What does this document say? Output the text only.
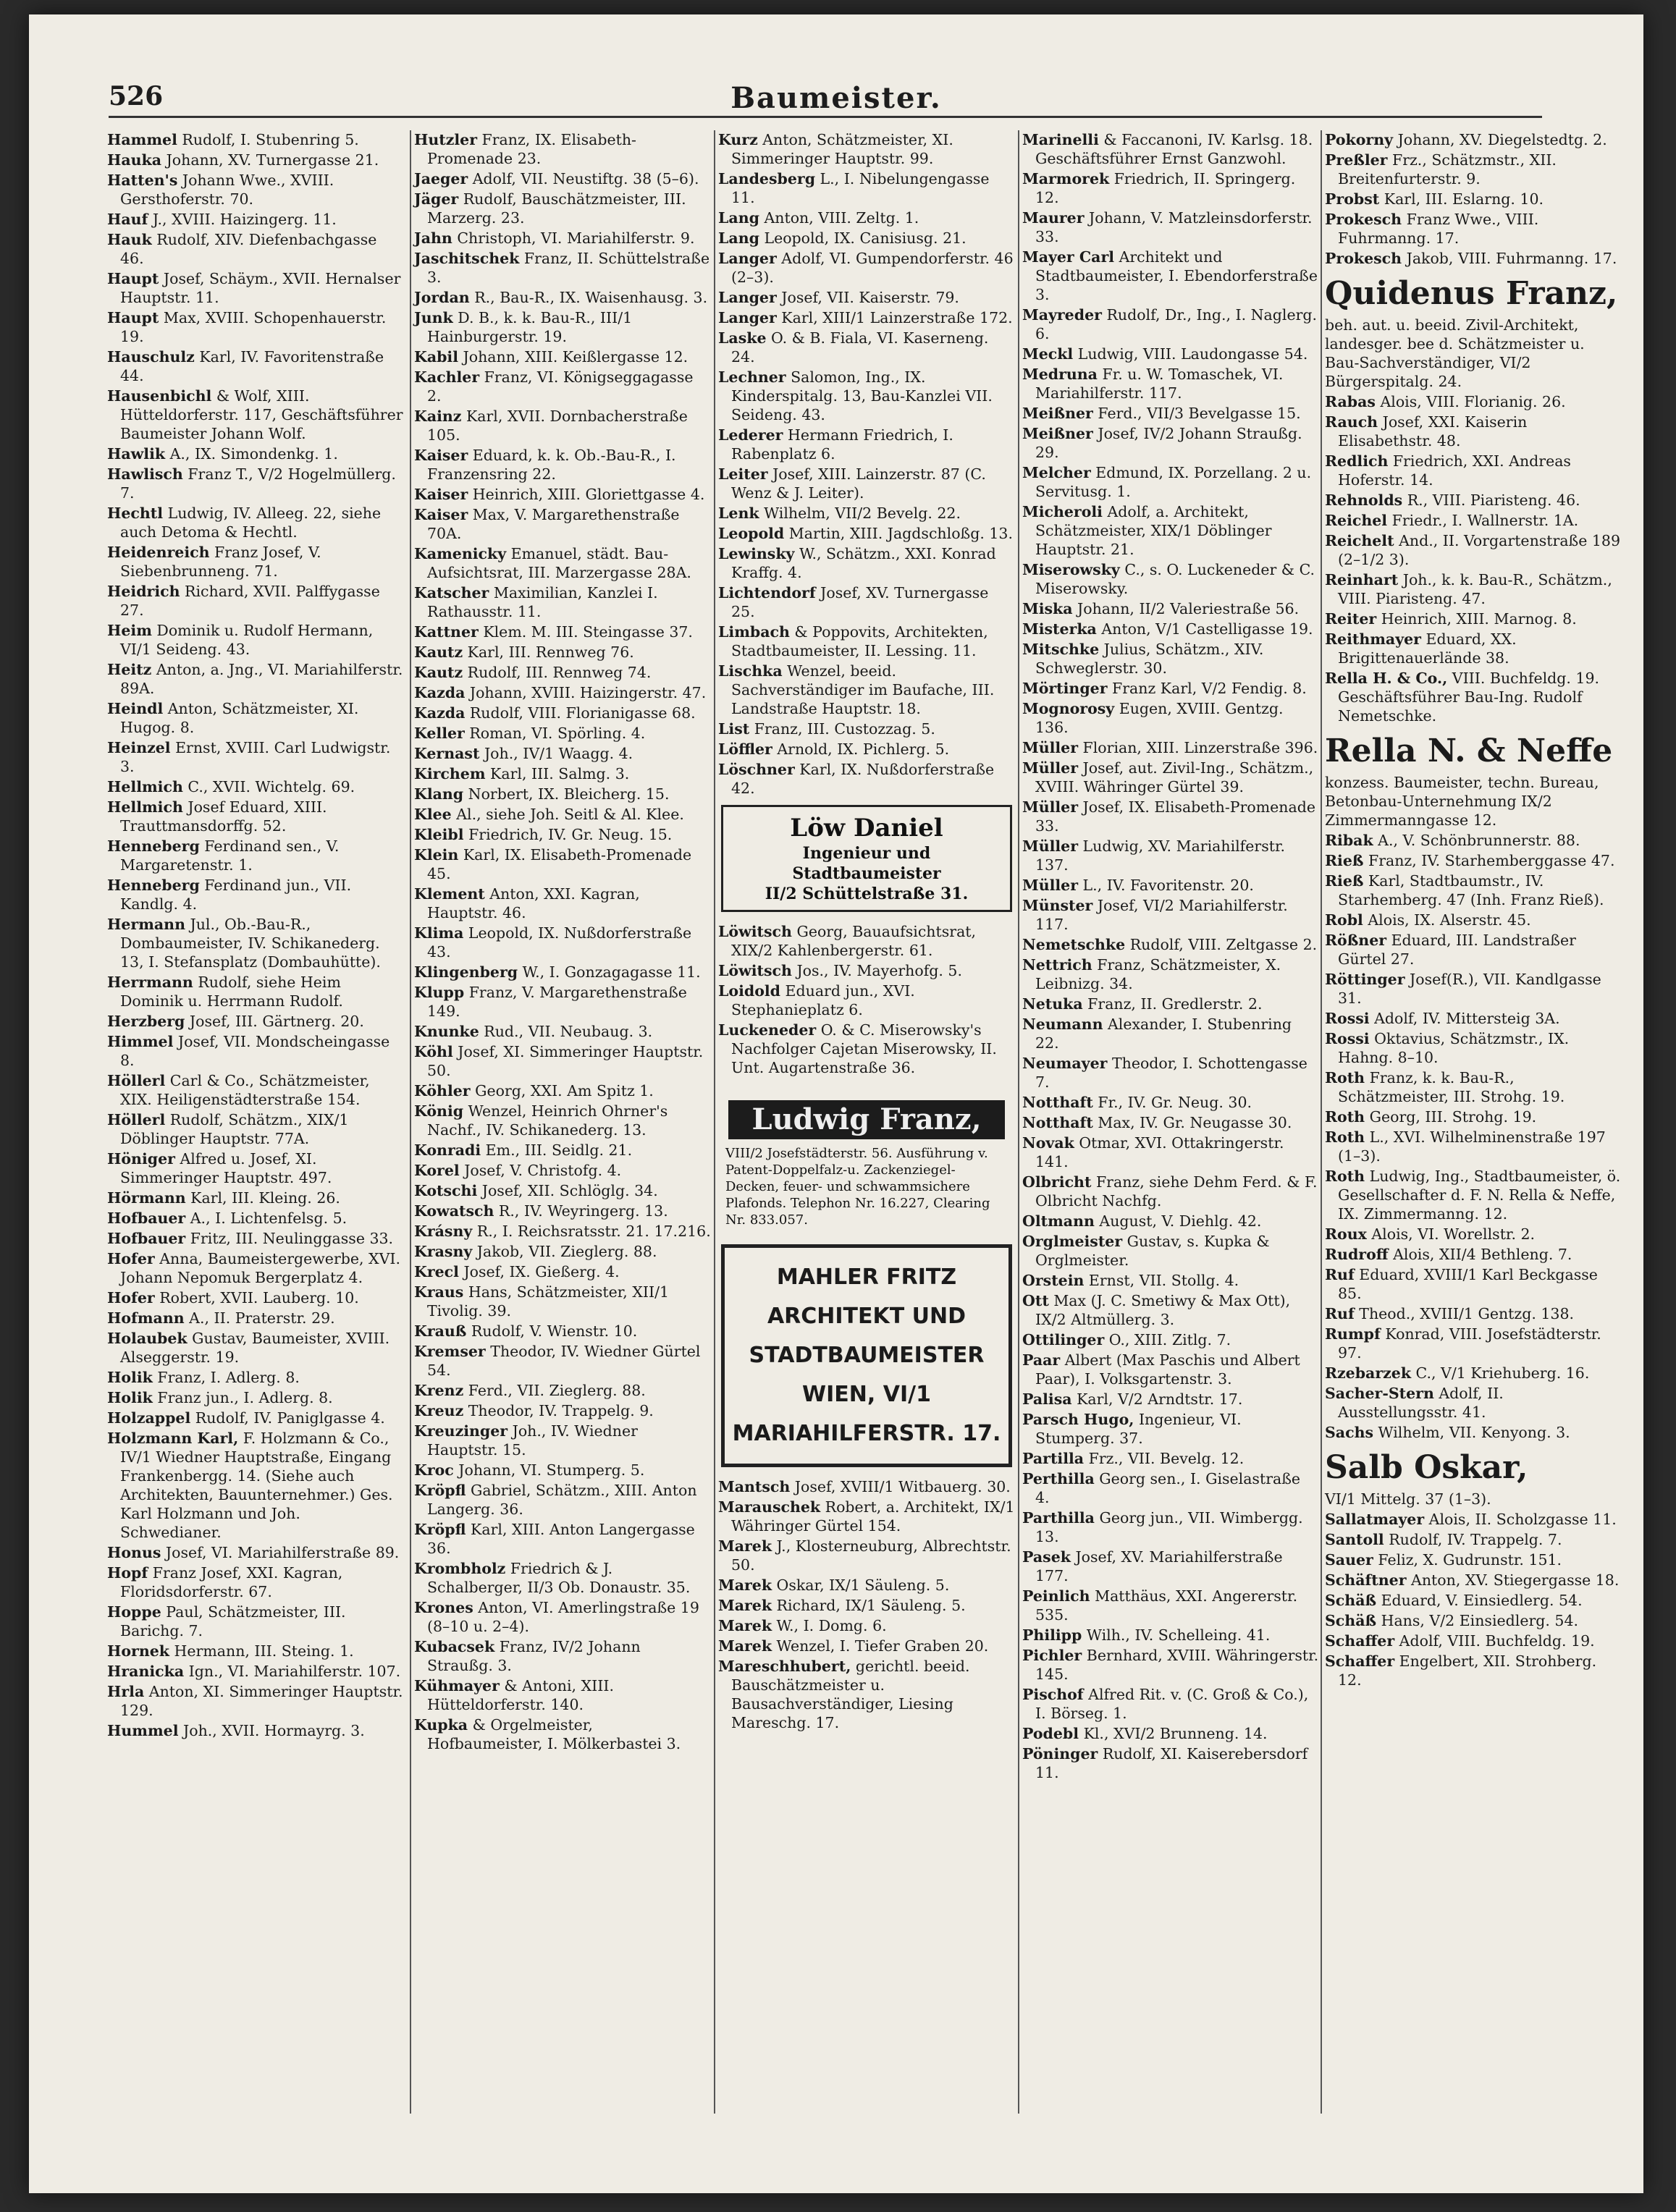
526	Baumeister.
Hammel Rudolf, I. Stubenring 5.
Hauka Johann, XV. Turnergasse 21.
Hatten's Johann Wwe., XVIII. Gersthoferstr. 70.
Hauf J., XVIII. Haizingerg. 11.
Hauk Rudolf, XIV. Diefenbachgasse 46.
Haupt Josef, Schäym., XVII. Hernalser Hauptstr. 11.
Haupt Max, XVIII. Schopenhauerstr. 19.
Hauschulz Karl, IV. Favoritenstraße 44.
Hausenbichl & Wolf, XIII. Hütteldorferstr. 117, Geschäftsführer Baumeister Johann Wolf.
Hawlik A., IX. Simondenkg. 1.
Hawlisch Franz T., V/2 Hogelmüllerg. 7.
Hechtl Ludwig, IV. Alleeg. 22, siehe auch Detoma & Hechtl.
Heidenreich Franz Josef, V. Siebenbrunneng. 71.
Heidrich Richard, XVII. Palffygasse 27.
Heim Dominik u. Rudolf Hermann, VI/1 Seideng. 43.
Heitz Anton, a. Jng., VI. Mariahilferstr. 89A.
Heindl Anton, Schätzmeister, XI. Hugog. 8.
Heinzel Ernst, XVIII. Carl Ludwigstr. 3.
Hellmich C., XVII. Wichtelg. 69.
Hellmich Josef Eduard, XIII. Trauttmansdorffg. 52.
Henneberg Ferdinand sen., V. Margaretenstr. 1.
Henneberg Ferdinand jun., VII. Kandlg. 4.
Hermann Jul., Ob.-Bau-R., Dombaumeister, IV. Schikanederg. 13, I. Stefansplatz (Dombauhütte).
Herrmann Rudolf, siehe Heim Dominik u. Herrmann Rudolf.
Herzberg Josef, III. Gärtnerg. 20.
Himmel Josef, VII. Mondscheingasse 8.
Höllerl Carl & Co., Schätzmeister, XIX. Heiligenstädterstraße 154.
Höllerl Rudolf, Schätzm., XIX/1 Döblinger Hauptstr. 77A.
Höniger Alfred u. Josef, XI. Simmeringer Hauptstr. 497.
Hörmann Karl, III. Kleing. 26.
Hofbauer A., I. Lichtenfelsg. 5.
Hofbauer Fritz, III. Neulinggasse 33.
Hofer Anna, Baumeistergewerbe, XVI. Johann Nepomuk Bergerplatz 4.
Hofer Robert, XVII. Lauberg. 10.
Hofmann A., II. Praterstr. 29.
Holaubek Gustav, Baumeister, XVIII. Alseggerstr. 19.
Holik Franz, I. Adlerg. 8.
Holik Franz jun., I. Adlerg. 8.
Holzappel Rudolf, IV. Paniglgasse 4.
Holzmann Karl, F. Holzmann & Co., IV/1 Wiedner Hauptstraße, Eingang Frankenbergg. 14. (Siehe auch Architekten, Bauunternehmer.) Ges. Karl Holzmann und Joh. Schwedianer.
Honus Josef, VI. Mariahilferstraße 89.
Hopf Franz Josef, XXI. Kagran, Floridsdorferstr. 67.
Hoppe Paul, Schätzmeister, III. Barichg. 7.
Hornek Hermann, III. Steing. 1.
Hranicka Ign., VI. Mariahilferstr. 107.
Hrla Anton, XI. Simmeringer Hauptstr. 129.
Hummel Joh., XVII. Hormayrg. 3.
Hutzler Franz, IX. Elisabeth-Promenade 23.
Jaeger Adolf, VII. Neustiftg. 38 (5–6).
Jäger Rudolf, Bauschätzmeister, III. Marzerg. 23.
Jahn Christoph, VI. Mariahilferstr. 9.
Jaschitschek Franz, II. Schüttelstraße 3.
Jordan R., Bau-R., IX. Waisenhausg. 3.
Junk D. B., k. k. Bau-R., III/1 Hainburgerstr. 19.
Kabil Johann, XIII. Keißlergasse 12.
Kachler Franz, VI. Königseggagasse 2.
Kainz Karl, XVII. Dornbacherstraße 105.
Kaiser Eduard, k. k. Ob.-Bau-R., I. Franzensring 22.
Kaiser Heinrich, XIII. Gloriettgasse 4.
Kaiser Max, V. Margarethenstraße 70A.
Kamenicky Emanuel, städt. Bau-Aufsichtsrat, III. Marzergasse 28A.
Katscher Maximilian, Kanzlei I. Rathausstr. 11.
Kattner Klem. M. III. Steingasse 37.
Kautz Karl, III. Rennweg 76.
Kautz Rudolf, III. Rennweg 74.
Kazda Johann, XVIII. Haizingerstr. 47.
Kazda Rudolf, VIII. Florianigasse 68.
Keller Roman, VI. Spörling. 4.
Kernast Joh., IV/1 Waagg. 4.
Kirchem Karl, III. Salmg. 3.
Klang Norbert, IX. Bleicherg. 15.
Klee Al., siehe Joh. Seitl & Al. Klee.
Kleibl Friedrich, IV. Gr. Neug. 15.
Klein Karl, IX. Elisabeth-Promenade 45.
Klement Anton, XXI. Kagran, Hauptstr. 46.
Klima Leopold, IX. Nußdorferstraße 43.
Klingenberg W., I. Gonzagagasse 11.
Klupp Franz, V. Margarethenstraße 149.
Knunke Rud., VII. Neubaug. 3.
Köhl Josef, XI. Simmeringer Hauptstr. 50.
Köhler Georg, XXI. Am Spitz 1.
König Wenzel, Heinrich Ohrner's Nachf., IV. Schikanederg. 13.
Konradi Em., III. Seidlg. 21.
Korel Josef, V. Christofg. 4.
Kotschi Josef, XII. Schlöglg. 34.
Kowatsch R., IV. Weyringerg. 13.
Krásny R., I. Reichsratsstr. 21. 17.216.
Krasny Jakob, VII. Zieglerg. 88.
Krecl Josef, IX. Gießerg. 4.
Kraus Hans, Schätzmeister, XII/1 Tivolig. 39.
Krauß Rudolf, V. Wienstr. 10.
Kremser Theodor, IV. Wiedner Gürtel 54.
Krenz Ferd., VII. Zieglerg. 88.
Kreuz Theodor, IV. Trappelg. 9.
Kreuzinger Joh., IV. Wiedner Hauptstr. 15.
Kroc Johann, VI. Stumperg. 5.
Kröpfl Gabriel, Schätzm., XIII. Anton Langerg. 36.
Kröpfl Karl, XIII. Anton Langergasse 36.
Krombholz Friedrich & J. Schalberger, II/3 Ob. Donaustr. 35.
Krones Anton, VI. Amerlingstraße 19 (8–10 u. 2–4).
Kubacsek Franz, IV/2 Johann Straußg. 3.
Kühmayer & Antoni, XIII. Hütteldorferstr. 140.
Kupka & Orgelmeister, Hofbaumeister, I. Mölkerbastei 3.
Kurz Anton, Schätzmeister, XI. Simmeringer Hauptstr. 99.
Landesberg L., I. Nibelungengasse 11.
Lang Anton, VIII. Zeltg. 1.
Lang Leopold, IX. Canisiusg. 21.
Langer Adolf, VI. Gumpendorferstr. 46 (2–3).
Langer Josef, VII. Kaiserstr. 79.
Langer Karl, XIII/1 Lainzerstraße 172.
Laske O. & B. Fiala, VI. Kaserneng. 24.
Lechner Salomon, Ing., IX. Kinderspitalg. 13, Bau-Kanzlei VII. Seideng. 43.
Lederer Hermann Friedrich, I. Rabenplatz 6.
Leiter Josef, XIII. Lainzerstr. 87 (C. Wenz & J. Leiter).
Lenk Wilhelm, VII/2 Bevelg. 22.
Leopold Martin, XIII. Jagdschloßg. 13.
Lewinsky W., Schätzm., XXI. Konrad Kraffg. 4.
Lichtendorf Josef, XV. Turnergasse 25.
Limbach & Poppovits, Architekten, Stadtbaumeister, II. Lessing. 11.
Lischka Wenzel, beeid. Sachverständiger im Baufache, III. Landstraße Hauptstr. 18.
List Franz, III. Custozzag. 5.
Löffler Arnold, IX. Pichlerg. 5.
Löschner Karl, IX. Nußdorferstraße 42.
Löw Daniel
Ingenieur und Stadtbaumeister
II/2 Schüttelstraße 31.
Löwitsch Georg, Bauaufsichtsrat, XIX/2 Kahlenbergerstr. 61.
Löwitsch Jos., IV. Mayerhofg. 5.
Loidold Eduard jun., XVI. Stephanieplatz 6.
Luckeneder O. & C. Miserowsky's Nachfolger Cajetan Miserowsky, II. Unt. Augartenstraße 36.
Ludwig Franz,
VIII/2 Josefstädterstr. 56. Ausführung v. Patent-Doppelfalz-u. Zackenziegel-Decken, feuer- und schwammsichere Plafonds. Telephon Nr. 16.227, Clearing Nr. 833.057.
MAHLER FRITZ
ARCHITEKT UND
STADTBAUMEISTER
WIEN, VI/1
MARIAHILFERSTR. 17.
Mantsch Josef, XVIII/1 Witbauerg. 30.
Marauschek Robert, a. Architekt, IX/1 Währinger Gürtel 154.
Marek J., Klosterneuburg, Albrechtstr. 50.
Marek Oskar, IX/1 Säuleng. 5.
Marek Richard, IX/1 Säuleng. 5.
Marek W., I. Domg. 6.
Marek Wenzel, I. Tiefer Graben 20.
Mareschhubert, gerichtl. beeid. Bauschätzmeister u. Bausachverständiger, Liesing Mareschg. 17.
Marinelli & Faccanoni, IV. Karlsg. 18. Geschäftsführer Ernst Ganzwohl.
Marmorek Friedrich, II. Springerg. 12.
Maurer Johann, V. Matzleinsdorferstr. 33.
Mayer Carl Architekt und Stadtbaumeister, I. Ebendorferstraße 3.
Mayreder Rudolf, Dr., Ing., I. Naglerg. 6.
Meckl Ludwig, VIII. Laudongasse 54.
Medruna Fr. u. W. Tomaschek, VI. Mariahilferstr. 117.
Meißner Ferd., VII/3 Bevelgasse 15.
Meißner Josef, IV/2 Johann Straußg. 29.
Melcher Edmund, IX. Porzellang. 2 u. Servitusg. 1.
Micheroli Adolf, a. Architekt, Schätzmeister, XIX/1 Döblinger Hauptstr. 21.
Miserowsky C., s. O. Luckeneder & C. Miserowsky.
Miska Johann, II/2 Valeriestraße 56.
Misterka Anton, V/1 Castelligasse 19.
Mitschke Julius, Schätzm., XIV. Schweglerstr. 30.
Mörtinger Franz Karl, V/2 Fendig. 8.
Mognorosy Eugen, XVIII. Gentzg. 136.
Müller Florian, XIII. Linzerstraße 396.
Müller Josef, aut. Zivil-Ing., Schätzm., XVIII. Währinger Gürtel 39.
Müller Josef, IX. Elisabeth-Promenade 33.
Müller Ludwig, XV. Mariahilferstr. 137.
Müller L., IV. Favoritenstr. 20.
Münster Josef, VI/2 Mariahilferstr. 117.
Nemetschke Rudolf, VIII. Zeltgasse 2.
Nettrich Franz, Schätzmeister, X. Leibnizg. 34.
Netuka Franz, II. Gredlerstr. 2.
Neumann Alexander, I. Stubenring 22.
Neumayer Theodor, I. Schottengasse 7.
Notthaft Fr., IV. Gr. Neug. 30.
Notthaft Max, IV. Gr. Neugasse 30.
Novak Otmar, XVI. Ottakringerstr. 141.
Olbricht Franz, siehe Dehm Ferd. & F. Olbricht Nachfg.
Oltmann August, V. Diehlg. 42.
Orglmeister Gustav, s. Kupka & Orglmeister.
Orstein Ernst, VII. Stollg. 4.
Ott Max (J. C. Smetiwy & Max Ott), IX/2 Altmüllerg. 3.
Ottilinger O., XIII. Zitlg. 7.
Paar Albert (Max Paschis und Albert Paar), I. Volksgartenstr. 3.
Palisa Karl, V/2 Arndtstr. 17.
Parsch Hugo, Ingenieur, VI. Stumperg. 37.
Partilla Frz., VII. Bevelg. 12.
Perthilla Georg sen., I. Giselastraße 4.
Parthilla Georg jun., VII. Wimbergg. 13.
Pasek Josef, XV. Mariahilferstraße 177.
Peinlich Matthäus, XXI. Angererstr. 535.
Philipp Wilh., IV. Schelleing. 41.
Pichler Bernhard, XVIII. Währingerstr. 145.
Pischof Alfred Rit. v. (C. Groß & Co.), I. Börseg. 1.
Podebl Kl., XVI/2 Brunneng. 14.
Pöninger Rudolf, XI. Kaiserebersdorf 11.
Pokorny Johann, XV. Diegelstedtg. 2.
Preßler Frz., Schätzmstr., XII. Breitenfurterstr. 9.
Probst Karl, III. Eslarng. 10.
Prokesch Franz Wwe., VIII. Fuhrmanng. 17.
Prokesch Jakob, VIII. Fuhrmanng. 17.
Quidenus Franz,
beh. aut. u. beeid. Zivil-Architekt, landesger. bee d. Schätzmeister u. Bau-Sachverständiger, VI/2 Bürgerspitalg. 24.
Rabas Alois, VIII. Florianig. 26.
Rauch Josef, XXI. Kaiserin Elisabethstr. 48.
Redlich Friedrich, XXI. Andreas Hoferstr. 14.
Rehnolds R., VIII. Piaristeng. 46.
Reichel Friedr., I. Wallnerstr. 1A.
Reichelt And., II. Vorgartenstraße 189 (2–1/2 3).
Reinhart Joh., k. k. Bau-R., Schätzm., VIII. Piaristeng. 47.
Reiter Heinrich, XIII. Marnog. 8.
Reithmayer Eduard, XX. Brigittenauerlände 38.
Rella H. & Co., VIII. Buchfeldg. 19. Geschäftsführer Bau-Ing. Rudolf Nemetschke.
Rella N. & Neffe
konzess. Baumeister, techn. Bureau, Betonbau-Unternehmung IX/2 Zimmermanngasse 12.
Ribak A., V. Schönbrunnerstr. 88.
Rieß Franz, IV. Starhemberggasse 47.
Rieß Karl, Stadtbaumstr., IV. Starhemberg. 47 (Inh. Franz Rieß).
Robl Alois, IX. Alserstr. 45.
Rößner Eduard, III. Landstraßer Gürtel 27.
Röttinger Josef(R.), VII. Kandlgasse 31.
Rossi Adolf, IV. Mittersteig 3A.
Rossi Oktavius, Schätzmstr., IX. Hahng. 8–10.
Roth Franz, k. k. Bau-R., Schätzmeister, III. Strohg. 19.
Roth Georg, III. Strohg. 19.
Roth L., XVI. Wilhelminenstraße 197 (1–3).
Roth Ludwig, Ing., Stadtbaumeister, ö. Gesellschafter d. F. N. Rella & Neffe, IX. Zimmermanng. 12.
Roux Alois, VI. Worellstr. 2.
Rudroff Alois, XII/4 Bethleng. 7.
Ruf Eduard, XVIII/1 Karl Beckgasse 85.
Ruf Theod., XVIII/1 Gentzg. 138.
Rumpf Konrad, VIII. Josefstädterstr. 97.
Rzebarzek C., V/1 Kriehuberg. 16.
Sacher-Stern Adolf, II. Ausstellungsstr. 41.
Sachs Wilhelm, VII. Kenyong. 3.
Salb Oskar,
VI/1 Mittelg. 37 (1–3).
Sallatmayer Alois, II. Scholzgasse 11.
Santoll Rudolf, IV. Trappelg. 7.
Sauer Feliz, X. Gudrunstr. 151.
Schäftner Anton, XV. Stiegergasse 18.
Schäß Eduard, V. Einsiedlerg. 54.
Schäß Hans, V/2 Einsiedlerg. 54.
Schaffer Adolf, VIII. Buchfeldg. 19.
Schaffer Engelbert, XII. Strohberg. 12.
